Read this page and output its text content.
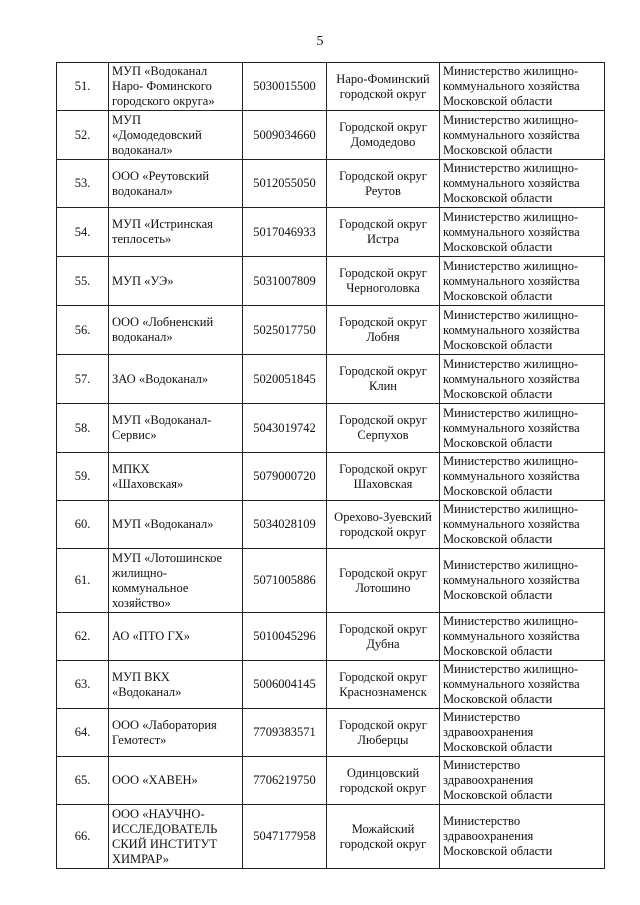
5
51.	МУП «Водоканал
Наро- Фоминского
городского округа»	5030015500	Наро-Фоминский
городской округ	Министерство жилищно-
коммунального хозяйства
Московской области

52.	МУП
«Домодедовский
водоканал»	5009034660	Городской округ
Домодедово	Министерство жилищно-
коммунального хозяйства
Московской области

53.	ООО «Реутовский
водоканал»	5012055050	Городской округ
Реутов	Министерство жилищно-
коммунального хозяйства
Московской области

54.	МУП «Истринская
теплосеть»	5017046933	Городской округ
Истра	Министерство жилищно-
коммунального хозяйства
Московской области

55.	МУП «УЭ»	5031007809	Городской округ
Черноголовка	Министерство жилищно-
коммунального хозяйства
Московской области

56.	ООО «Лобненский
водоканал»	5025017750	Городской округ
Лобня	Министерство жилищно-
коммунального хозяйства
Московской области

57.	ЗАО «Водоканал»	5020051845	Городской округ
Клин	Министерство жилищно-
коммунального хозяйства
Московской области

58.	МУП «Водоканал-
Сервис»	5043019742	Городской округ
Серпухов	Министерство жилищно-
коммунального хозяйства
Московской области

59.	МПКХ
«Шаховская»	5079000720	Городской округ
Шаховская	Министерство жилищно-
коммунального хозяйства
Московской области

60.	МУП «Водоканал»	5034028109	Орехово-Зуевский
городской округ	Министерство жилищно-
коммунального хозяйства
Московской области

61.	МУП «Лотошинское
жилищно-
коммунальное
хозяйство»	5071005886	Городской округ
Лотошино	Министерство жилищно-
коммунального хозяйства
Московской области

62.	АО «ПТО ГХ»	5010045296	Городской округ
Дубна	Министерство жилищно-
коммунального хозяйства
Московской области

63.	МУП ВКХ
«Водоканал»	5006004145	Городской округ
Краснознаменск	Министерство жилищно-
коммунального хозяйства
Московской области

64.	ООО «Лаборатория
Гемотест»	7709383571	Городской округ
Люберцы	Министерство
здравоохранения
Московской области

65.	ООО «ХАВЕН»	7706219750	Одинцовский
городской округ	Министерство
здравоохранения
Московской области

66.	ООО «НАУЧНО-
ИССЛЕДОВАТЕЛЬ
СКИЙ ИНСТИТУТ
ХИМРАР»	5047177958	Можайский
городской округ	Министерство
здравоохранения
Московской области
